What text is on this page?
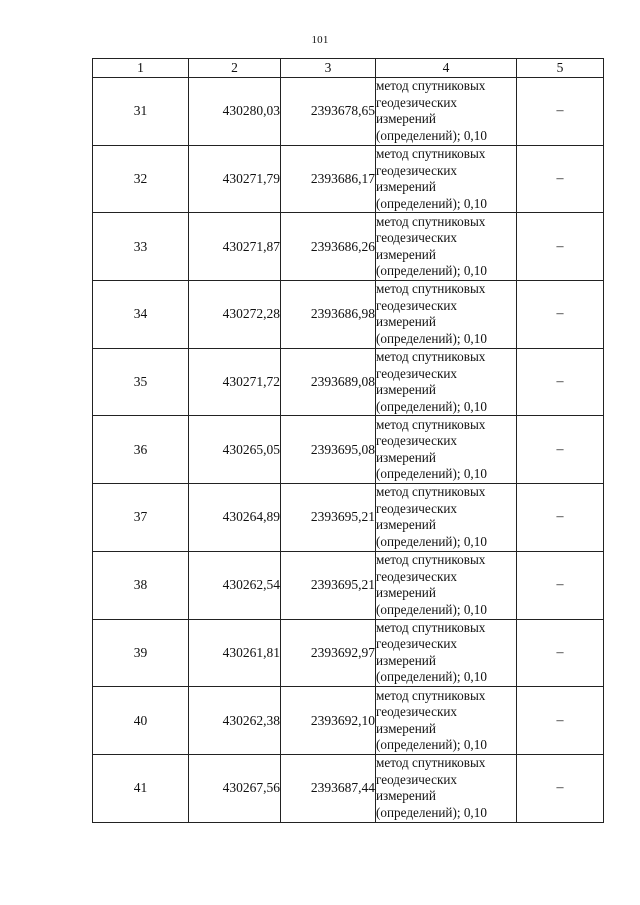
101
1	2	3	4	5
31	430280,03	2393678,65	метод спутниковых
геодезических
измерений
(определений); 0,10	–
32	430271,79	2393686,17	метод спутниковых
геодезических
измерений
(определений); 0,10	–
33	430271,87	2393686,26	метод спутниковых
геодезических
измерений
(определений); 0,10	–
34	430272,28	2393686,98	метод спутниковых
геодезических
измерений
(определений); 0,10	–
35	430271,72	2393689,08	метод спутниковых
геодезических
измерений
(определений); 0,10	–
36	430265,05	2393695,08	метод спутниковых
геодезических
измерений
(определений); 0,10	–
37	430264,89	2393695,21	метод спутниковых
геодезических
измерений
(определений); 0,10	–
38	430262,54	2393695,21	метод спутниковых
геодезических
измерений
(определений); 0,10	–
39	430261,81	2393692,97	метод спутниковых
геодезических
измерений
(определений); 0,10	–
40	430262,38	2393692,10	метод спутниковых
геодезических
измерений
(определений); 0,10	–
41	430267,56	2393687,44	метод спутниковых
геодезических
измерений
(определений); 0,10	–
